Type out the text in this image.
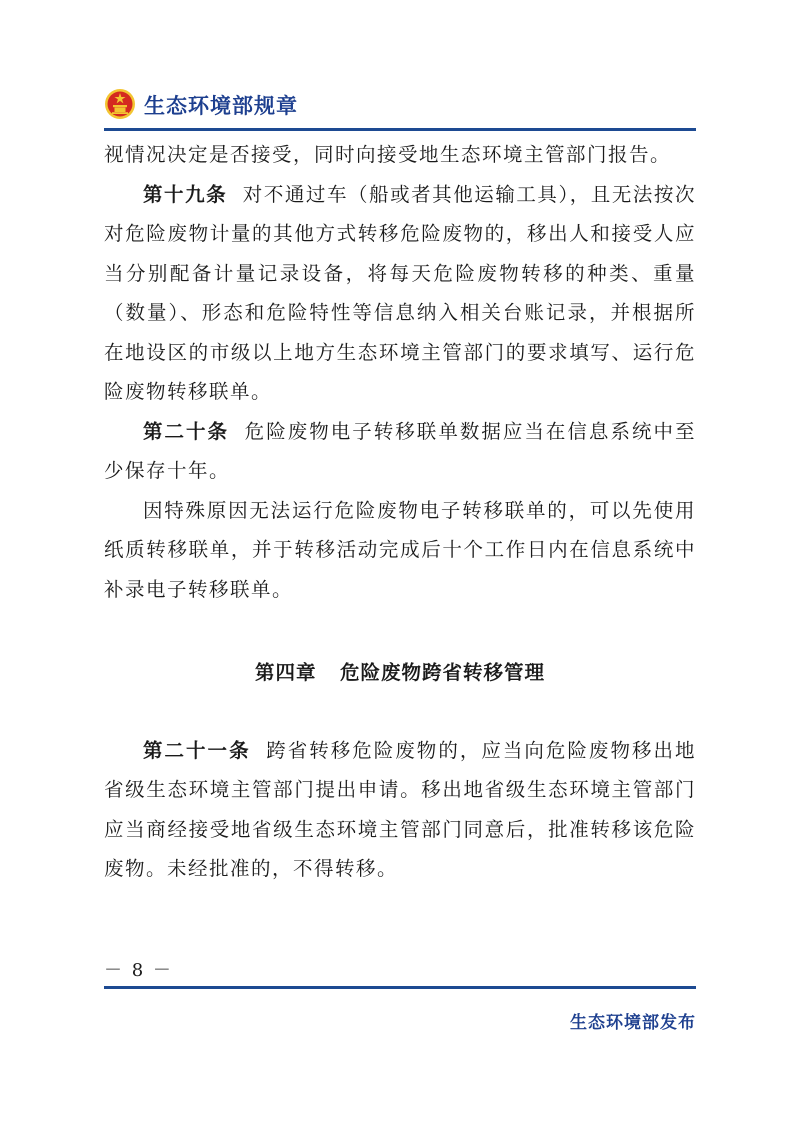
生态环境部规章

视情况决定是否接受，同时向接受地生态环境主管部门报告。

第十九条 对不通过车（船或者其他运输工具），且无法按次对危险废物计量的其他方式转移危险废物的，移出人和接受人应当分别配备计量记录设备，将每天危险废物转移的种类、重量（数量）、形态和危险特性等信息纳入相关台账记录，并根据所在地设区的市级以上地方生态环境主管部门的要求填写、运行危险废物转移联单。

第二十条 危险废物电子转移联单数据应当在信息系统中至少保存十年。

因特殊原因无法运行危险废物电子转移联单的，可以先使用纸质转移联单，并于转移活动完成后十个工作日内在信息系统中补录电子转移联单。

第四章 危险废物跨省转移管理

第二十一条 跨省转移危险废物的，应当向危险废物移出地省级生态环境主管部门提出申请。移出地省级生态环境主管部门应当商经接受地省级生态环境主管部门同意后，批准转移该危险废物。未经批准的，不得转移。

－ 8 －
生态环境部发布
